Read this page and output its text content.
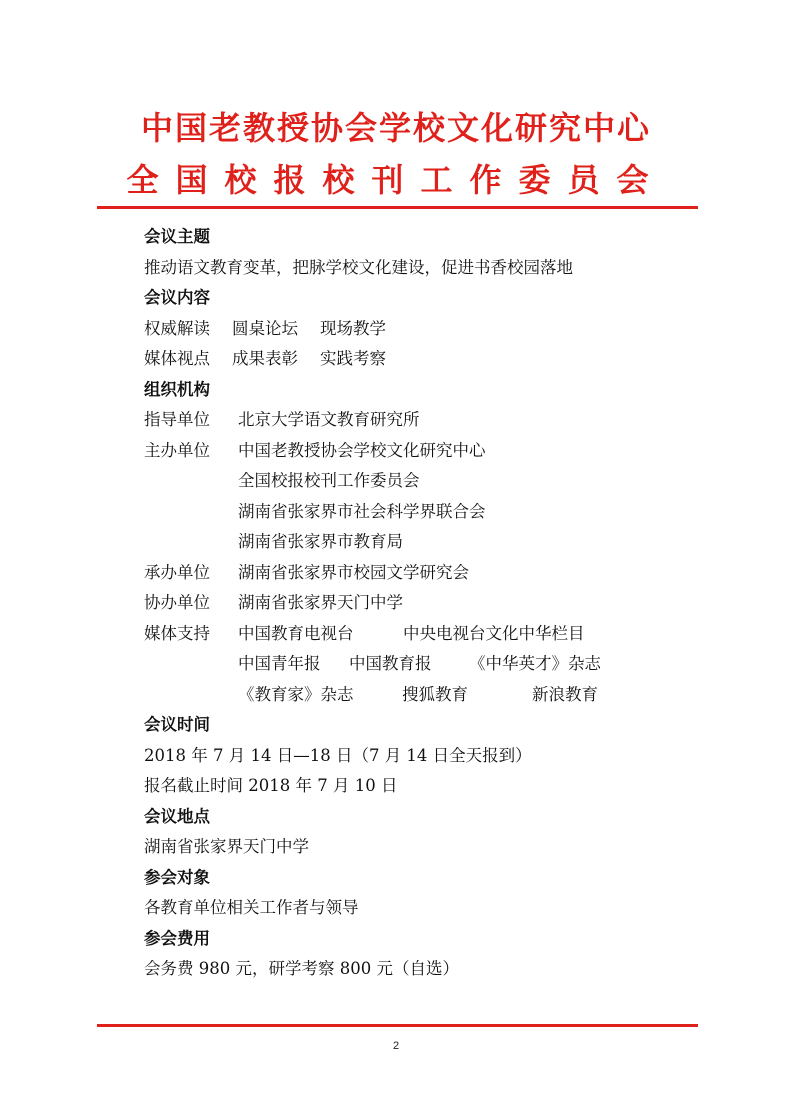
中国老教授协会学校文化研究中心
全国校报校刊工作委员会
会议主题
推动语文教育变革，把脉学校文化建设，促进书香校园落地
会议内容
权威解读 圆桌论坛 现场教学
媒体视点 成果表彰 实践考察
组织机构
指导单位 北京大学语文教育研究所
主办单位 中国老教授协会学校文化研究中心
全国校报校刊工作委员会
湖南省张家界市社会科学界联合会
湖南省张家界市教育局
承办单位 湖南省张家界市校园文学研究会
协办单位 湖南省张家界天门中学
媒体支持 中国教育电视台	中央电视台文化中华栏目
中国青年报 中国教育报 《中华英才》杂志
《教育家》杂志	搜狐教育	新浪教育
会议时间
2018 年 7 月 14 日—18 日（7 月 14 日全天报到）
报名截止时间 2018 年 7 月 10 日
会议地点
湖南省张家界天门中学
参会对象
各教育单位相关工作者与领导
参会费用
会务费 980 元，研学考察 800 元（自选）
2
